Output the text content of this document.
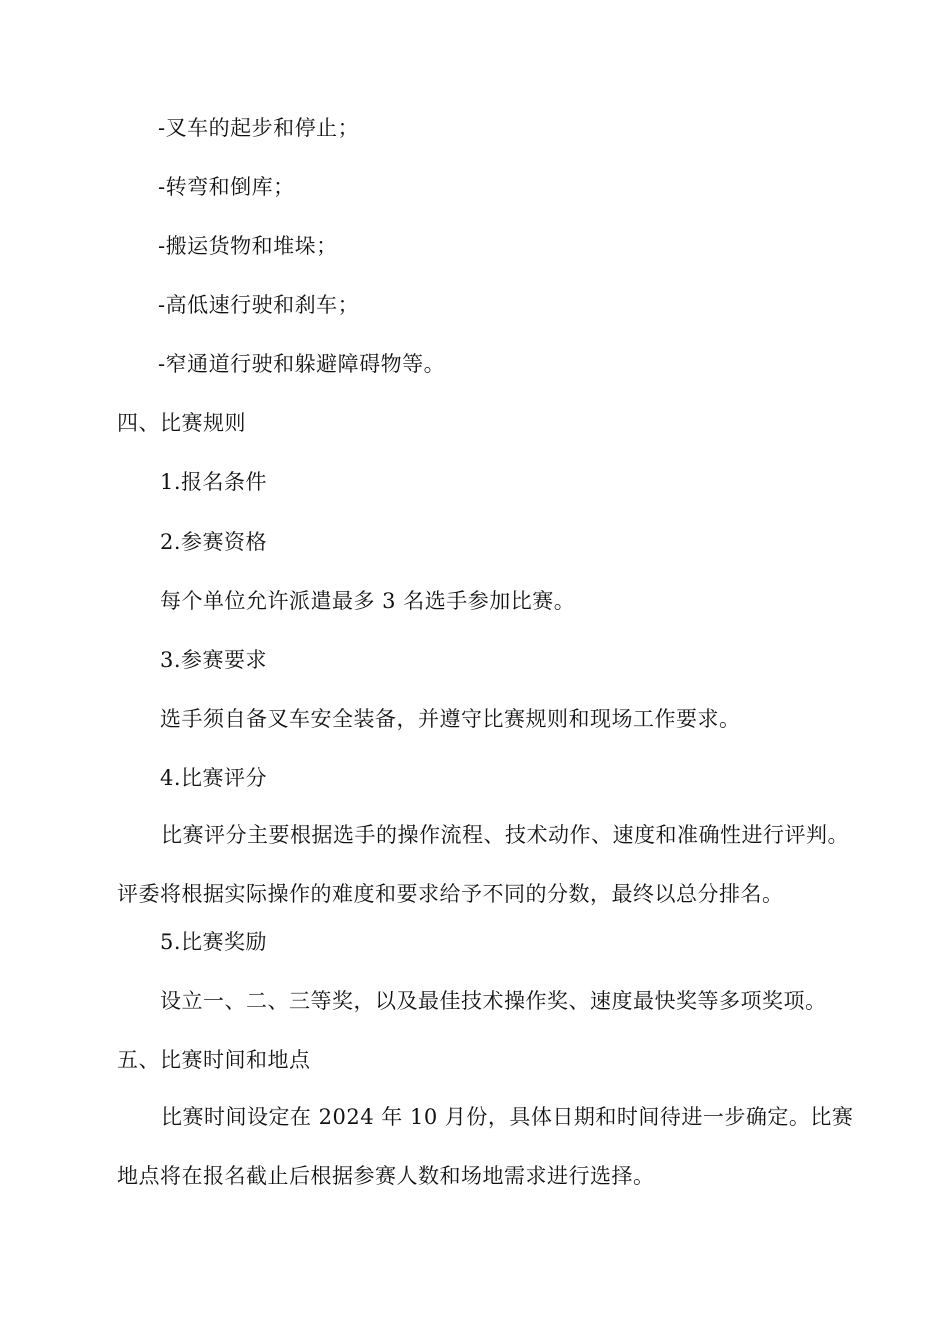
-叉车的起步和停止；
-转弯和倒库；
-搬运货物和堆垛；
-高低速行驶和刹车；
-窄通道行驶和躲避障碍物等。
四、比赛规则
1.报名条件
2.参赛资格
每个单位允许派遣最多 3 名选手参加比赛。
3.参赛要求
选手须自备叉车安全装备，并遵守比赛规则和现场工作要求。
4.比赛评分
比赛评分主要根据选手的操作流程、技术动作、速度和准确性进行评判。评委将根据实际操作的难度和要求给予不同的分数，最终以总分排名。
5.比赛奖励
设立一、二、三等奖，以及最佳技术操作奖、速度最快奖等多项奖项。
五、比赛时间和地点
比赛时间设定在 2024 年 10 月份，具体日期和时间待进一步确定。比赛地点将在报名截止后根据参赛人数和场地需求进行选择。
